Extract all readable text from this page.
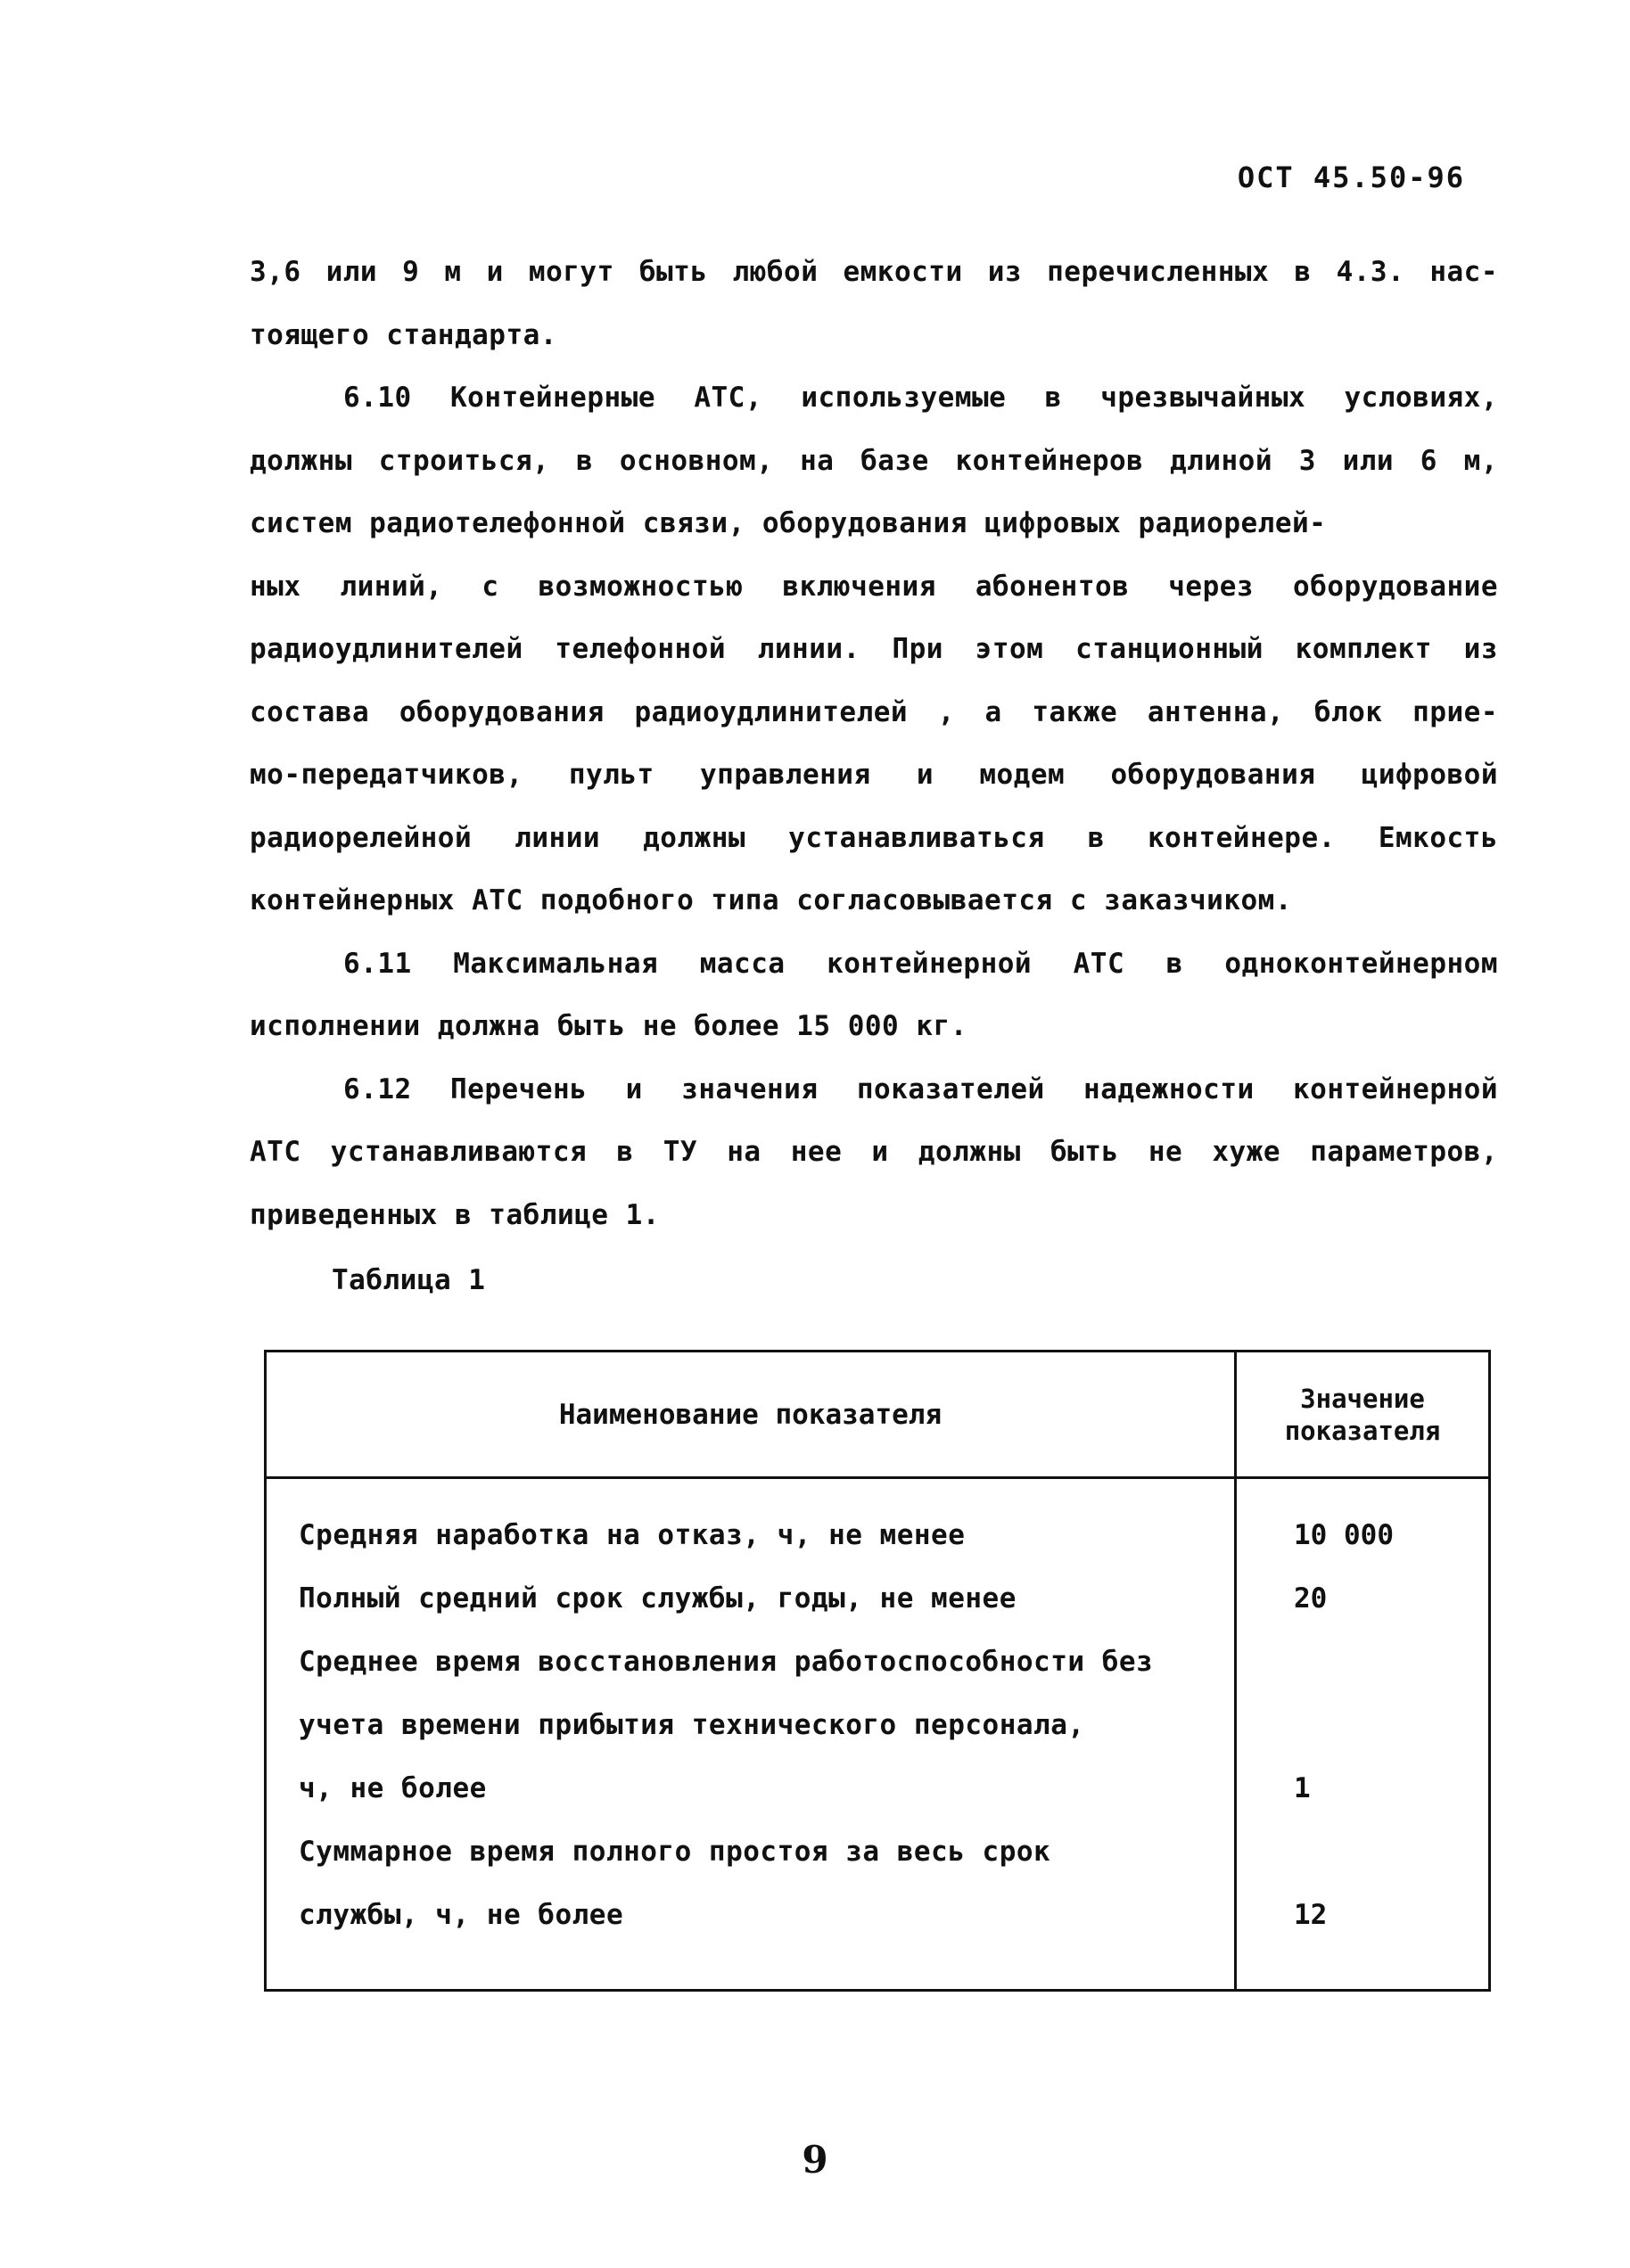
ОСТ 45.50-96
3,6 или 9 м и могут быть любой емкости из перечисленных в 4.3. нас-
тоящего стандарта.
6.10 Контейнерные АТС, используемые в чрезвычайных условиях,
должны строиться, в основном, на базе контейнеров длиной 3 или 6 м,
систем радиотелефонной связи, оборудования цифровых радиорелей-
ных линий, с возможностью включения абонентов через оборудование
радиоудлинителей телефонной линии. При этом станционный комплект из
состава оборудования радиоудлинителей , а также антенна, блок прие-
мо-передатчиков, пульт управления и модем оборудования цифровой
радиорелейной линии должны устанавливаться в контейнере. Емкость
контейнерных АТС подобного типа согласовывается с заказчиком.
6.11 Максимальная масса контейнерной АТС в одноконтейнерном
исполнении должна быть не более 15 000 кг.
6.12 Перечень и значения показателей надежности контейнерной
АТС устанавливаются в ТУ на нее и должны быть не хуже параметров,
приведенных в таблице 1.
Таблица 1
Наименование показателя	Значение
показателя
Средняя наработка на отказ, ч, не менее	10 000
Полный средний срок службы, годы, не менее	20
Среднее время восстановления работоспособности без
учета времени прибытия технического персонала,
ч, не более	1
Суммарное время полного простоя за весь срок
службы, ч, не более	12
9
